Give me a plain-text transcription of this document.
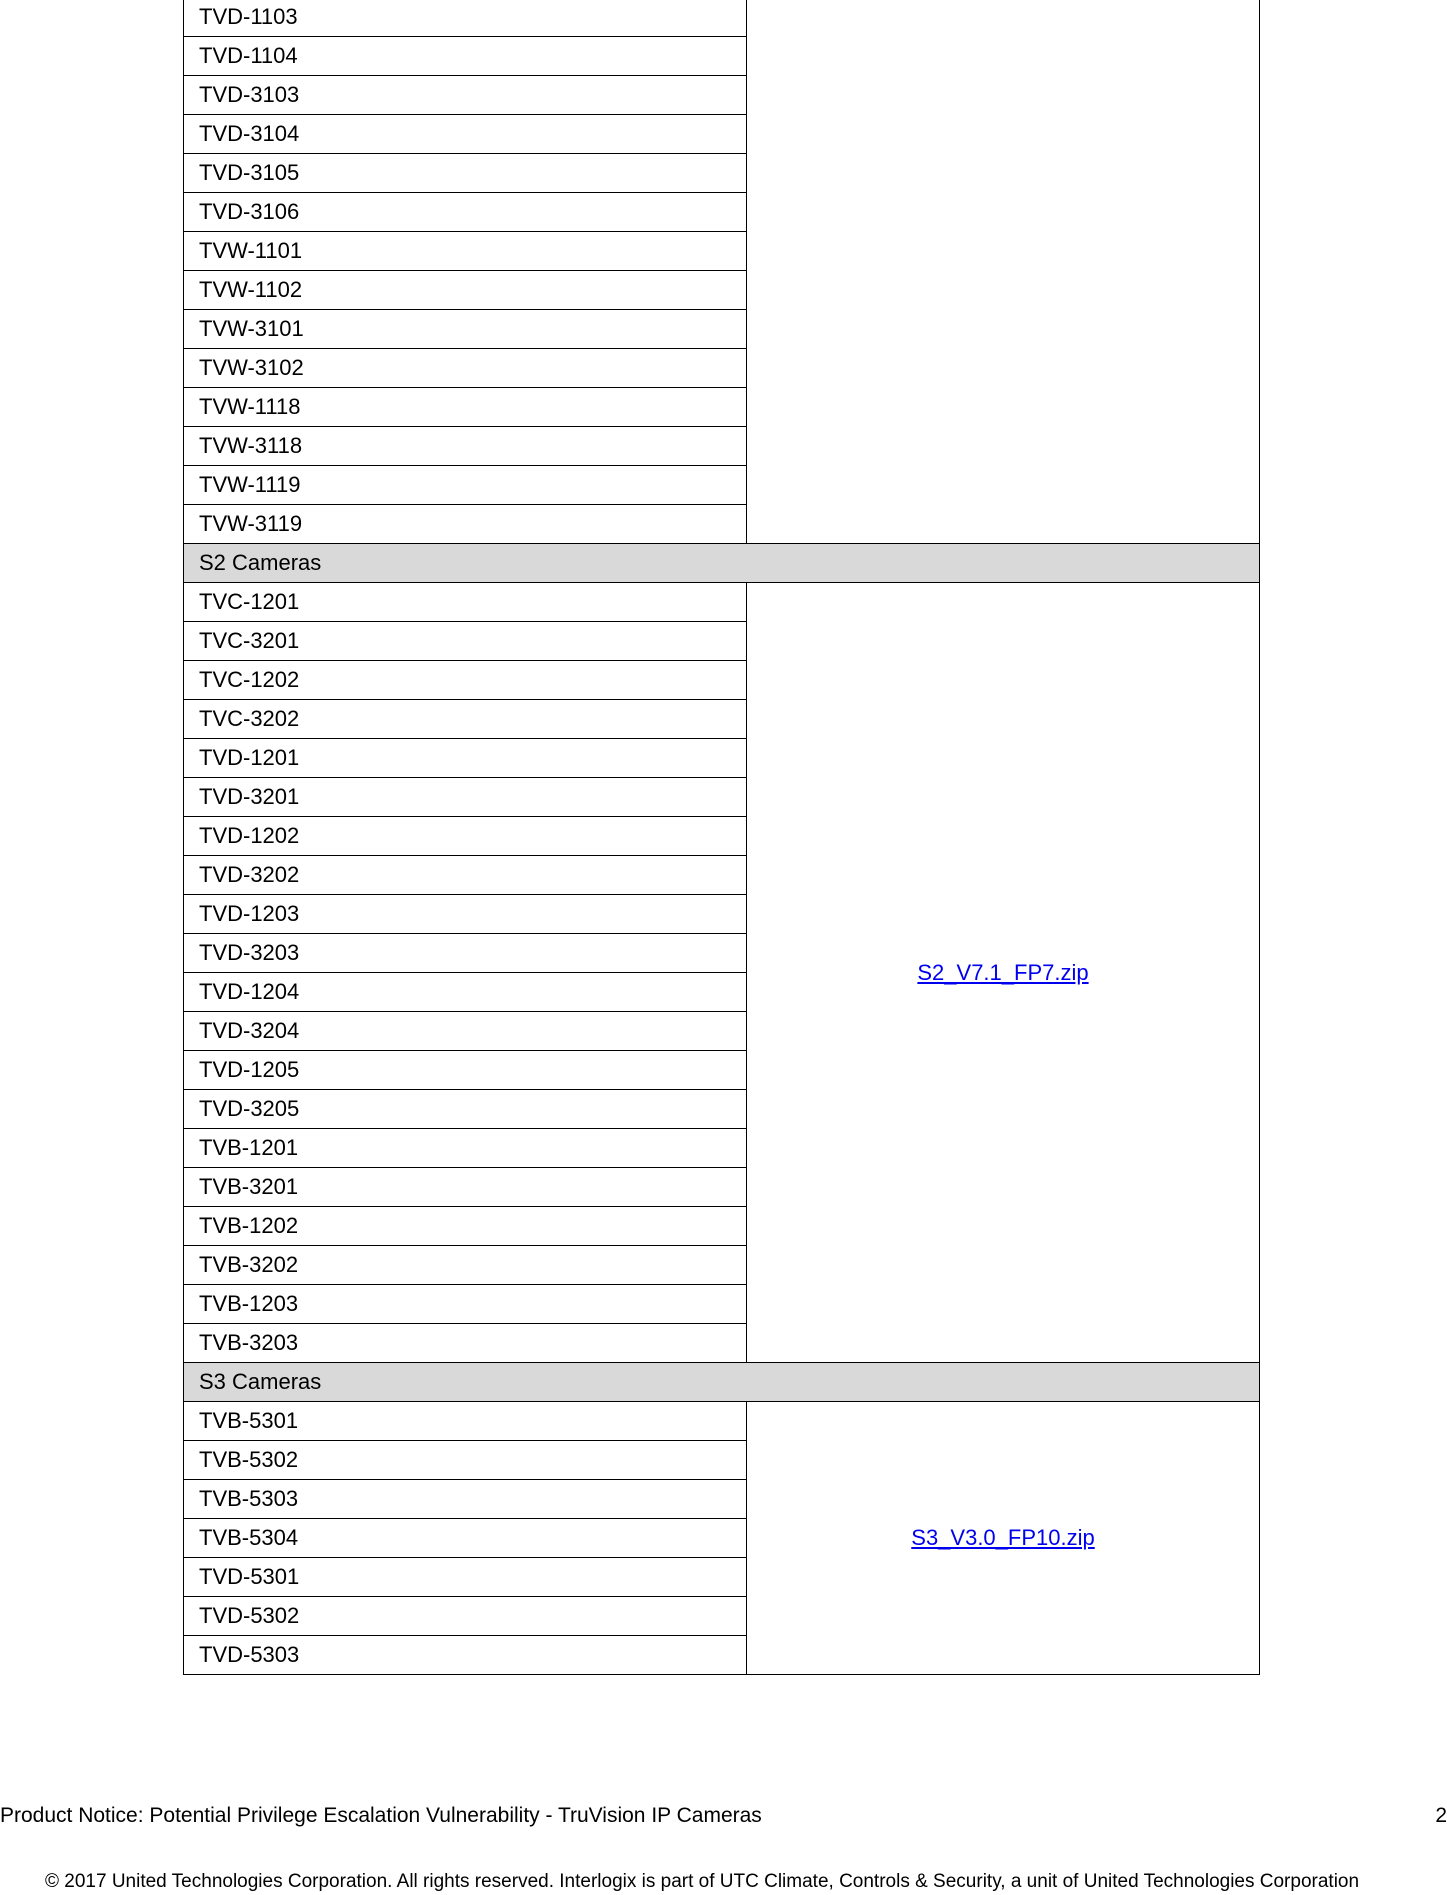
TVD-1103	
TVD-1104	
TVD-3103	
TVD-3104	
TVD-3105	
TVD-3106	
TVW-1101	
TVW-1102	
TVW-3101	
TVW-3102	
TVW-1118	
TVW-3118	
TVW-1119	
TVW-3119	
S2 Cameras	
TVC-1201	S2_V7.1_FP7.zip
TVC-3201	
TVC-1202	
TVC-3202	
TVD-1201	
TVD-3201	
TVD-1202	
TVD-3202	
TVD-1203	
TVD-3203	
TVD-1204	
TVD-3204	
TVD-1205	
TVD-3205	
TVB-1201	
TVB-3201	
TVB-1202	
TVB-3202	
TVB-1203	
TVB-3203	
S3 Cameras	
TVB-5301	S3_V3.0_FP10.zip
TVB-5302	
TVB-5303	
TVB-5304	
TVD-5301	
TVD-5302	
TVD-5303	
Product Notice: Potential Privilege Escalation Vulnerability - TruVision IP Cameras	2
© 2017 United Technologies Corporation. All rights reserved. Interlogix is part of UTC Climate, Controls & Security, a unit of United Technologies Corporation
